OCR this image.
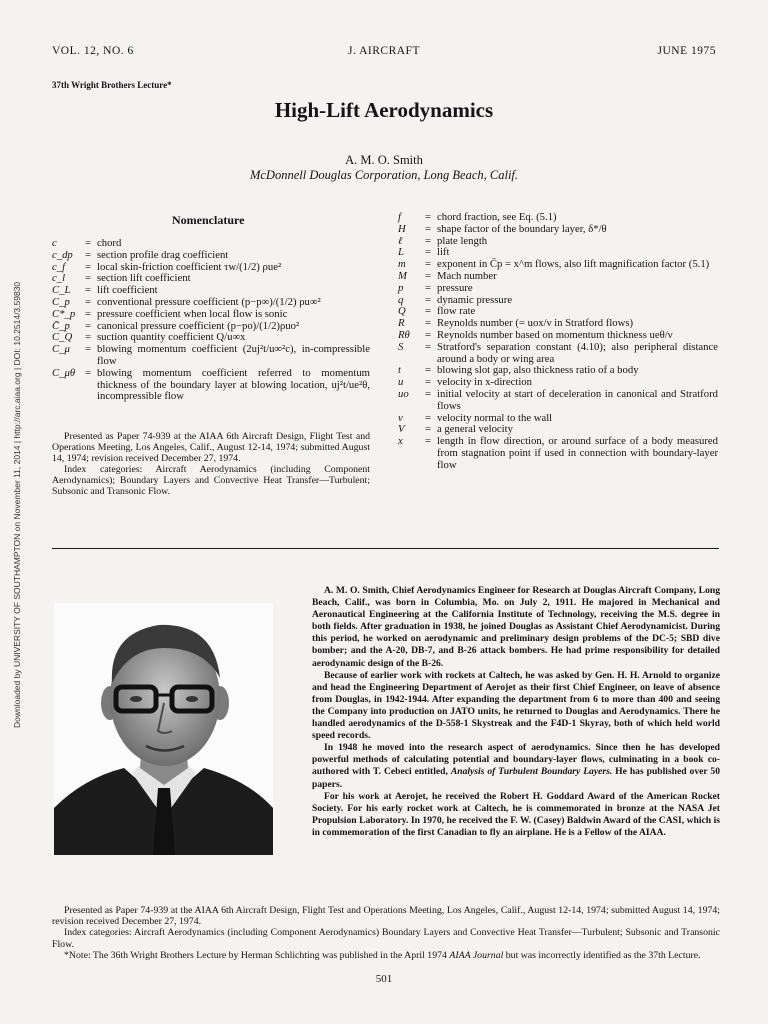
VOL. 12, NO. 6	J. AIRCRAFT	JUNE 1975
37th Wright Brothers Lecture*
High-Lift Aerodynamics
A. M. O. Smith
McDonnell Douglas Corporation, Long Beach, Calif.
Nomenclature
c	= chord
c_dp	= section profile drag coefficient
c_f	= local skin-friction coefficient τw/(1/2) ρue²
c_l	= section lift coefficient
C_L	= lift coefficient
C_p	= conventional pressure coefficient (p−p∞)/(1/2) ρu∞²
C*_p = pressure coefficient when local flow is sonic
C̄_p	= canonical pressure coefficient (p−po)/(1/2)ρuo²
C_Q	= suction quantity coefficient Q/u∞x
C_μ	= blowing momentum coefficient (2uj²t/u∞²c), in-compressible flow
C_μθ = blowing momentum coefficient referred to momentum thickness of the boundary layer at blowing location, uj²t/ue²θ, incompressible flow
f	= chord fraction, see Eq. (5.1)
H	= shape factor of the boundary layer, δ*/θ
ℓ	= plate length
L	= lift
m	= exponent in C̄p = x^m flows, also lift magnification factor (5.1)
M	= Mach number
p	= pressure
q	= dynamic pressure
Q	= flow rate
R	= Reynolds number (= uox/ν in Stratford flows)
Rθ	= Reynolds number based on momentum thickness ueθ/ν
S	= Stratford's separation constant (4.10); also peripheral distance around a body or wing area
t	= blowing slot gap, also thickness ratio of a body
u	= velocity in x-direction
uo	= initial velocity at start of deceleration in canonical and Stratford flows
v	= velocity normal to the wall
V	= a general velocity
x	= length in flow direction, or around surface of a body measured from stagnation point if used in connection with boundary-layer flow

Presented as Paper 74-939 at the AIAA 6th Aircraft Design, Flight Test and Operations Meeting, Los Angeles, Calif., August 12-14, 1974; submitted August 14, 1974; revision received December 27, 1974.

Index categories: Aircraft Aerodynamics (including Component Aerodynamics); Boundary Layers and Convective Heat Transfer—Turbulent; Subsonic and Transonic Flow.

A. M. O. Smith, Chief Aerodynamics Engineer for Research at Douglas Aircraft Company, Long Beach, Calif., was born in Columbia, Mo. on July 2, 1911. He majored in Mechanical and Aeronautical Engineering at the California Institute of Technology, receiving the M.S. degree in both fields. After graduation in 1938, he joined Douglas as Assistant Chief Aerodynamicist. During this period, he worked on aerodynamic and preliminary design problems of the DC-5; SBD dive bomber; and the A-20, DB-7, and B-26 attack bombers. He had prime responsibility for detailed aerodynamic design of the B-26.

Because of earlier work with rockets at Caltech, he was asked by Gen. H. H. Arnold to organize and head the Engineering Department of Aerojet as their first Chief Engineer, on leave of absence from Douglas, in 1942-1944. After expanding the department from 6 to more than 400 and seeing the Company into production on JATO units, he returned to Douglas and Aerodynamics. There he handled aerodynamics of the D-558-1 Skystreak and the F4D-1 Skyray, both of which held world speed records.

In 1948 he moved into the research aspect of aerodynamics. Since then he has developed powerful methods of calculating potential and boundary-layer flows, culminating in a book co-authored with T. Cebeci entitled, Analysis of Turbulent Boundary Layers. He has published over 50 papers.

For his work at Aerojet, he received the Robert H. Goddard Award of the American Rocket Society. For his early rocket work at Caltech, he is commemorated in bronze at the NASA Jet Propulsion Laboratory. In 1970, he received the F. W. (Casey) Baldwin Award of the CASI, which is in commemoration of the first Canadian to fly an airplane. He is a Fellow of the AIAA.

Presented as Paper 74-939 at the AIAA 6th Aircraft Design, Flight Test and Operations Meeting, Los Angeles, Calif., August 12-14, 1974; submitted August 14, 1974; revision received December 27, 1974.

Index categories: Aircraft Aerodynamics (including Component Aerodynamics) Boundary Layers and Convective Heat Transfer—Turbulent; Subsonic and Transonic Flow.

*Note: The 36th Wright Brothers Lecture by Herman Schlichting was published in the April 1974 AIAA Journal but was incorrectly identified as the 37th Lecture.

501
Downloaded by UNIVERSITY OF SOUTHAMPTON on November 11, 2014 | http://arc.aiaa.org | DOI: 10.2514/3.59830
